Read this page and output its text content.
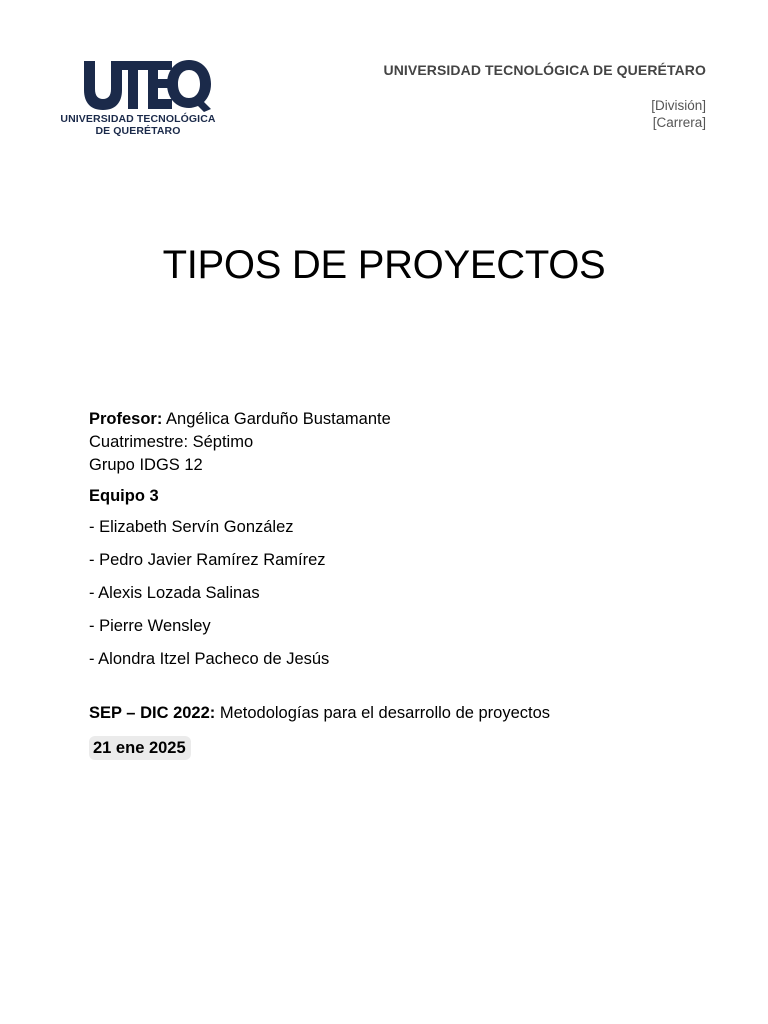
UNIVERSIDAD TECNOLÓGICA
DE QUERÉTARO
UNIVERSIDAD TECNOLÓGICA DE QUERÉTARO
[División]
[Carrera]
TIPOS DE PROYECTOS
Profesor: Angélica Garduño Bustamante
Cuatrimestre: Séptimo
Grupo IDGS 12
Equipo 3
- Elizabeth Servín González
- Pedro Javier Ramírez Ramírez
- Alexis Lozada Salinas
- Pierre Wensley
- Alondra Itzel Pacheco de Jesús
SEP – DIC 2022: Metodologías para el desarrollo de proyectos
21 ene 2025
